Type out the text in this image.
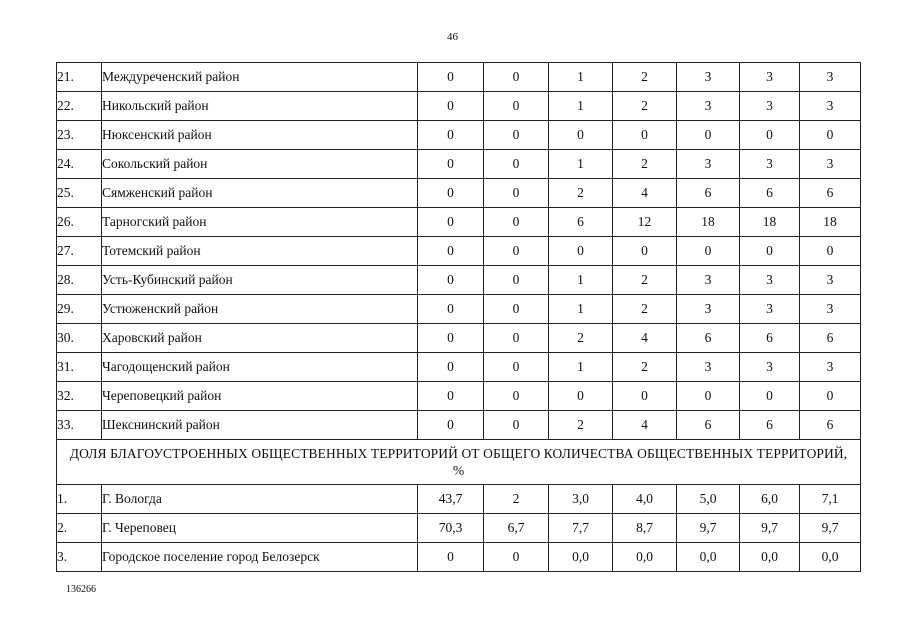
46
21.	Междуреченский район	0	0	1	2	3	3	3
22.	Никольский район	0	0	1	2	3	3	3
23.	Нюксенский район	0	0	0	0	0	0	0
24.	Сокольский район	0	0	1	2	3	3	3
25.	Сямженский район	0	0	2	4	6	6	6
26.	Тарногский район	0	0	6	12	18	18	18
27.	Тотемский район	0	0	0	0	0	0	0
28.	Усть-Кубинский район	0	0	1	2	3	3	3
29.	Устюженский район	0	0	1	2	3	3	3
30.	Харовский район	0	0	2	4	6	6	6
31.	Чагодощенский район	0	0	1	2	3	3	3
32.	Череповецкий район	0	0	0	0	0	0	0
33.	Шекснинский район	0	0	2	4	6	6	6
ДОЛЯ БЛАГОУСТРОЕННЫХ ОБЩЕСТВЕННЫХ ТЕРРИТОРИЙ ОТ ОБЩЕГО КОЛИЧЕСТВА ОБЩЕСТВЕННЫХ ТЕРРИТОРИЙ, %								
1.	Г. Вологда	43,7	2	3,0	4,0	5,0	6,0	7,1
2.	Г. Череповец	70,3	6,7	7,7	8,7	9,7	9,7	9,7
3.	Городское поселение город Белозерск	0	0	0,0	0,0	0,0	0,0	0,0
136266
